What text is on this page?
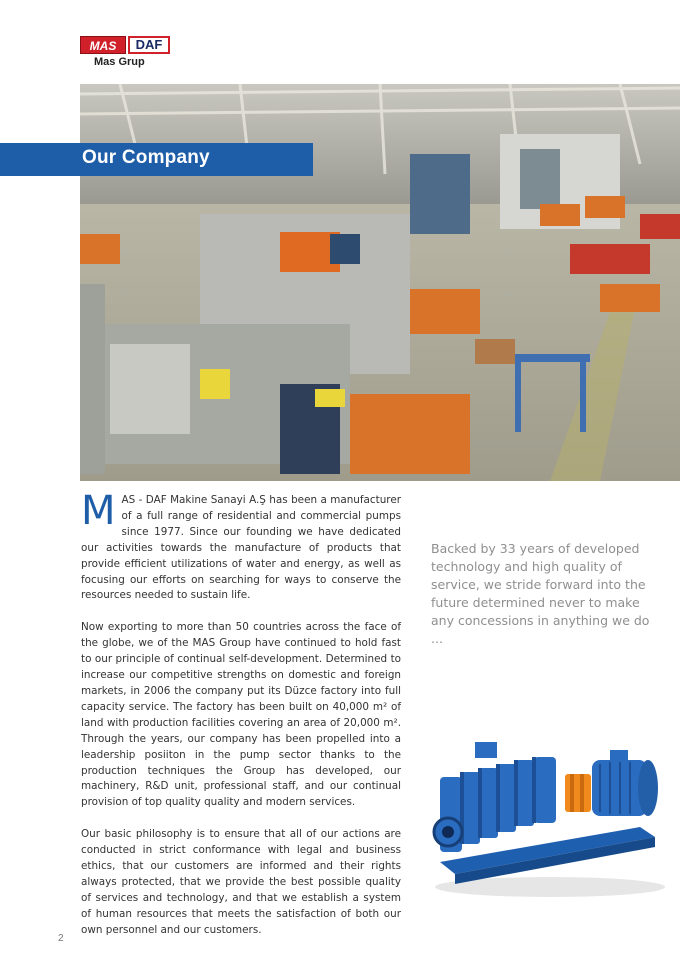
MAS	DAF
Mas Grup
Our Company

M AS - DAF Makine Sanayi A.Ş has been a manufacturer of a full range of residential and commercial pumps since 1977. Since our founding we have dedicated our activities towards the manufacture of products that provide efficient utilizations of water and energy, as well as focusing our efforts on searching for ways to conserve the resources needed to sustain life.

Now exporting to more than 50 countries across the face of the globe, we of the MAS Group have continued to hold fast to our principle of continual self-development. Determined to increase our competitive strengths on domestic and foreign markets, in 2006 the company put its Düzce factory into full capacity service. The factory has been built on 40,000 m² of land with production facilities covering an area of 20,000 m². Through the years, our company has been propelled into a leadership posiiton in the pump sector thanks to the production techniques the Group has developed, our machinery, R&D unit, professional staff, and our continual provision of top quality quality and modern services.

Our basic philosophy is to ensure that all of our actions are conducted in strict conformance with legal and business ethics, that our customers are informed and their rights always protected, that we provide the best possible quality of services and technology, and that we establish a system of human resources that meets the satisfaction of both our own personnel and our customers.

Backed by 33 years of developed technology and high quality of service, we stride forward into the future determined never to make any concessions in anything we do ...
2
